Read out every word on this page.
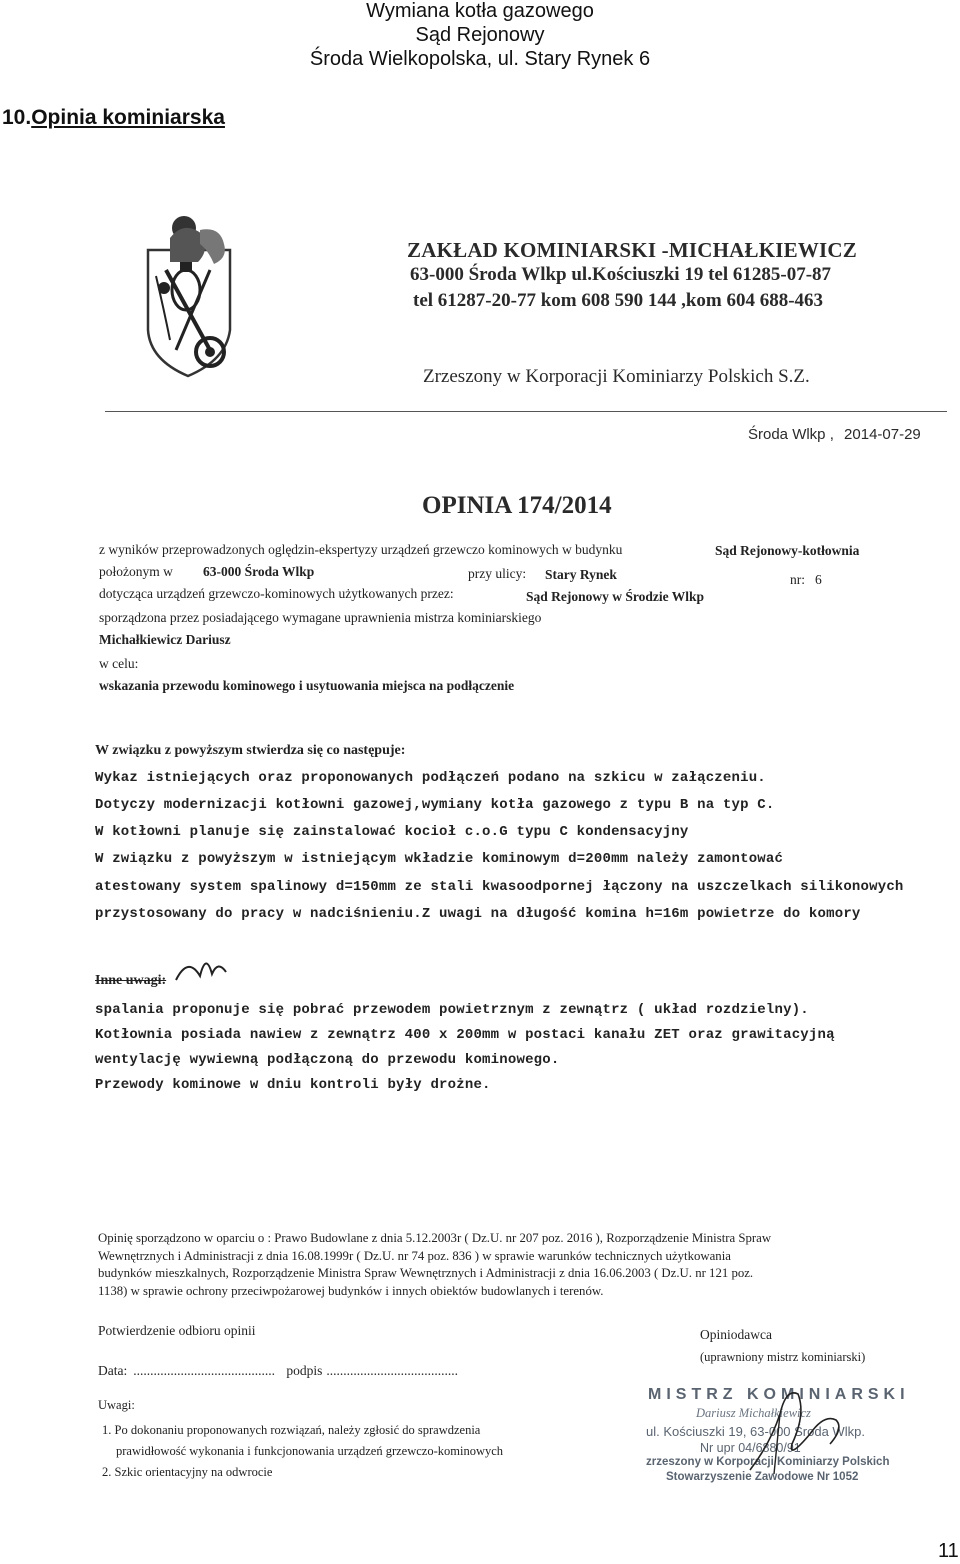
Wymiana kotła gazowego
Sąd Rejonowy
Środa Wielkopolska, ul. Stary Rynek 6
10.Opinia kominiarska
ZAKŁAD KOMINIARSKI -MICHAŁKIEWICZ
63-000 Środa Wlkp ul.Kościuszki 19 tel 61285-07-87
tel 61287-20-77 kom 608 590 144 ,kom 604 688-463
Zrzeszony w Korporacji Kominiarzy Polskich S.Z.
Środa Wlkp , 2014-07-29
OPINIA 174/2014
z wyników przeprowadzonych oględzin-ekspertyzy urządzeń grzewczo kominowych w budynku	Sąd Rejonowy-kotłownia
położonym w 63-000 Środa Wlkp	przy ulicy: Stary Rynek	nr: 6
dotycząca urządzeń grzewczo-kominowych użytkowanych przez:	Sąd Rejonowy w Środzie Wlkp
sporządzona przez posiadającego wymagane uprawnienia mistrza kominiarskiego
Michałkiewicz Dariusz
w celu:
wskazania przewodu kominowego i usytuowania miejsca na podłączenie
W związku z powyższym stwierdza się co następuje:
Wykaz istniejących oraz proponowanych podłączeń podano na szkicu w załączeniu.
Dotyczy modernizacji kotłowni gazowej,wymiany kotła gazowego z typu B na typ C.
W kotłowni planuje się zainstalować kocioł c.o.G typu C kondensacyjny
W związku z powyższym w istniejącym wkładzie kominowym d=200mm należy zamontować
atestowany system spalinowy d=150mm ze stali kwasoodpornej łączony na uszczelkach silikonowych
przystosowany do pracy w nadciśnieniu.Z uwagi na długość komina h=16m powietrze do komory
Inne uwagi:
spalania proponuje się pobrać przewodem powietrznym z zewnątrz ( układ rozdzielny).
Kotłownia posiada nawiew z zewnątrz 400 x 200mm w postaci kanału ZET oraz grawitacyjną
wentylację wywiewną podłączoną do przewodu kominowego.
Przewody kominowe w dniu kontroli były drożne.
Opinię sporządzono w oparciu o : Prawo Budowlane z dnia 5.12.2003r ( Dz.U. nr 207 poz. 2016 ), Rozporządzenie Ministra Spraw
Wewnętrznych i Administracji z dnia 16.08.1999r ( Dz.U. nr 74 poz. 836 ) w sprawie warunków technicznych użytkowania
budynków mieszkalnych, Rozporządzenie Ministra Spraw Wewnętrznych i Administracji z dnia 16.06.2003 ( Dz.U. nr 121 poz.
1138) w sprawie ochrony przeciwpożarowej budynków i innych obiektów budowlanych i terenów.
Potwierdzenie odbioru opinii
Data: .......................................... podpis .......................................
Uwagi:
1. Po dokonaniu proponowanych rozwiązań, należy zgłosić do sprawdzenia
prawidłowość wykonania i funkcjonowania urządzeń grzewczo-kominowych
2. Szkic orientacyjny na odwrocie
Opiniodawca
(uprawniony mistrz kominiarski)
MISTRZ KOMINIARSKI
Dariusz Michałkiewicz
ul. Kościuszki 19, 63-000 Środa Wlkp.
Nr upr 04/6880/91
zrzeszony w Korporacji Kominiarzy Polskich
Stowarzyszenie Zawodowe Nr 1052
11
